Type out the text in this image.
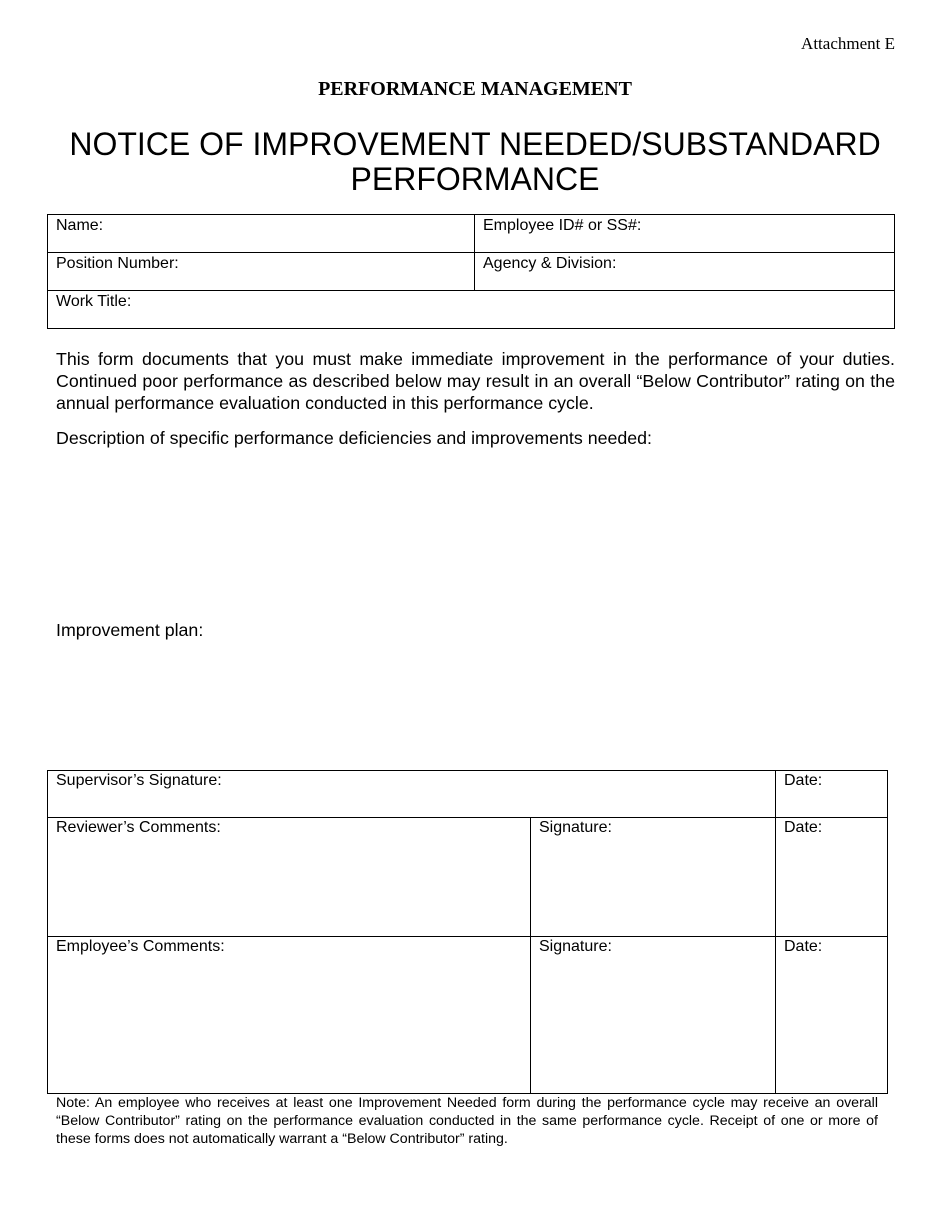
Attachment E
PERFORMANCE MANAGEMENT
NOTICE OF IMPROVEMENT NEEDED/SUBSTANDARD PERFORMANCE
Name:	Employee ID# or SS#:
Position Number:	Agency & Division:
Work Title:	

This form documents that you must make immediate improvement in the performance of your duties. Continued poor performance as described below may result in an overall “Below Contributor” rating on the annual performance evaluation conducted in this performance cycle.

Description of specific performance deficiencies and improvements needed:
Improvement plan:
Supervisor’s Signature:		Date:
Reviewer’s Comments:	Signature:	Date:
Employee’s Comments:	Signature:	Date:

Note: An employee who receives at least one Improvement Needed form during the performance cycle may receive an overall “Below Contributor” rating on the performance evaluation conducted in the same performance cycle. Receipt of one or more of these forms does not automatically warrant a “Below Contributor” rating.
